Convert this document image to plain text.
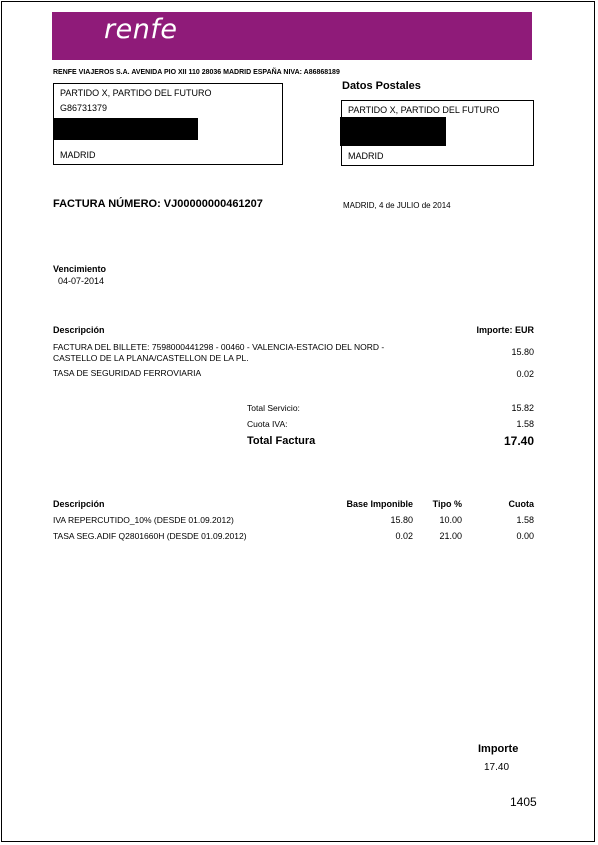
renfe
RENFE VIAJEROS S.A. AVENIDA PIO XII 110 28036 MADRID ESPAÑA NIVA: A86868189
PARTIDO X, PARTIDO DEL FUTURO
G86731379
MADRID
Datos Postales
PARTIDO X, PARTIDO DEL FUTURO
MADRID
FACTURA NÚMERO: VJ00000000461207	MADRID, 4 de JULIO de 2014
Vencimiento
04-07-2014
Descripción	Importe: EUR
FACTURA DEL BILLETE: 7598000441298 - 00460 - VALENCIA-ESTACIO DEL NORD -
CASTELLO DE LA PLANA/CASTELLON DE LA PL.
15.80
TASA DE SEGURIDAD FERROVIARIA	0.02
Total Servicio:	15.82
Cuota IVA:	1.58
Total Factura	17.40
Descripción	Base Imponible	Tipo %	Cuota
IVA REPERCUTIDO_10% (DESDE 01.09.2012)	15.80	10.00	1.58
TASA SEG.ADIF Q2801660H (DESDE 01.09.2012)	0.02	21.00	0.00
Importe
17.40
1405
